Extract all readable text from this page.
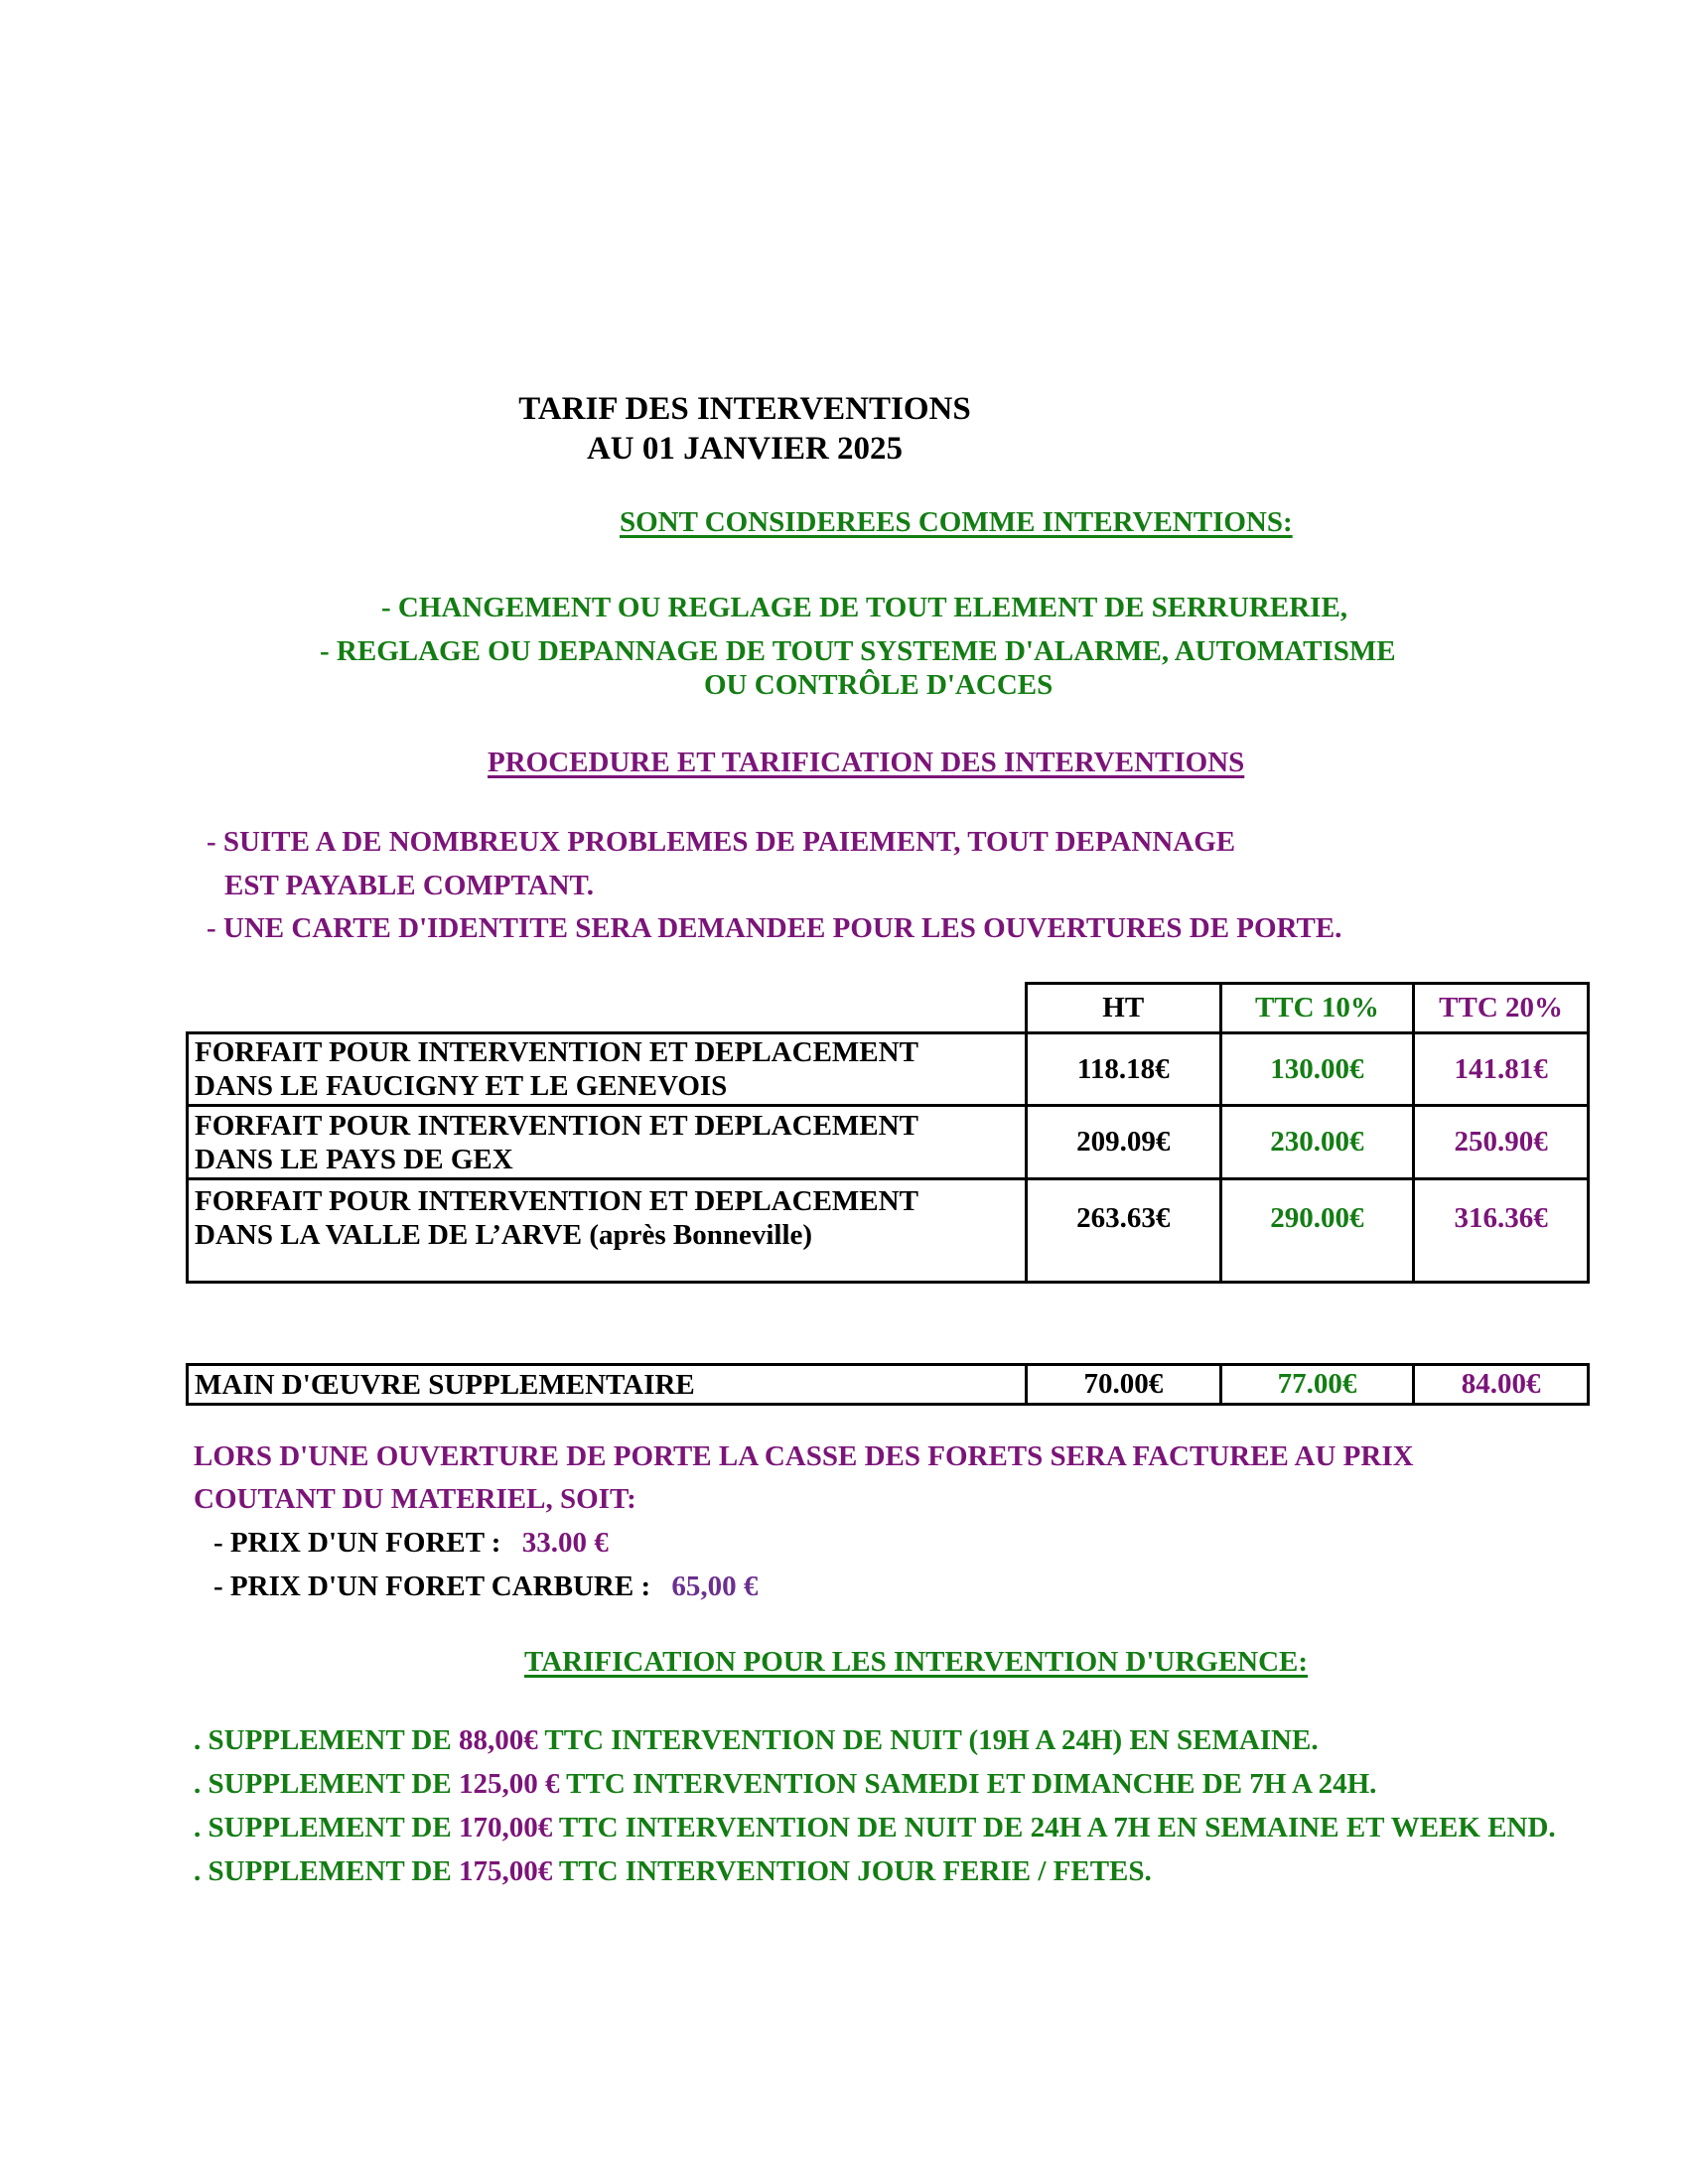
TARIF DES INTERVENTIONS
AU 01 JANVIER 2025
SONT CONSIDEREES COMME INTERVENTIONS:
- CHANGEMENT OU REGLAGE DE TOUT ELEMENT DE SERRURERIE,
- REGLAGE OU DEPANNAGE DE TOUT SYSTEME D'ALARME, AUTOMATISME
OU CONTRÔLE D'ACCES
PROCEDURE ET TARIFICATION DES INTERVENTIONS
- SUITE A DE NOMBREUX PROBLEMES DE PAIEMENT, TOUT DEPANNAGE
EST PAYABLE COMPTANT.
- UNE CARTE D'IDENTITE SERA DEMANDEE POUR LES OUVERTURES DE PORTE.
	HT	TTC 10%	TTC 20%

FORFAIT POUR INTERVENTION ET DEPLACEMENT
DANS LE FAUCIGNY ET LE GENEVOIS	118.18€	130.00€	141.81€

FORFAIT POUR INTERVENTION ET DEPLACEMENT
DANS LE PAYS DE GEX	209.09€	230.00€	250.90€

FORFAIT POUR INTERVENTION ET DEPLACEMENT
DANS LA VALLE DE L’ARVE (après Bonneville)	263.63€	290.00€	316.36€
MAIN D'ŒUVRE SUPPLEMENTAIRE	70.00€	77.00€	84.00€
LORS D'UNE OUVERTURE DE PORTE LA CASSE DES FORETS SERA FACTUREE AU PRIX
COUTANT DU MATERIEL, SOIT:
- PRIX D'UN FORET : 33.00 €
- PRIX D'UN FORET CARBURE : 65,00 €
TARIFICATION POUR LES INTERVENTION D'URGENCE:
. SUPPLEMENT DE 88,00€ TTC INTERVENTION DE NUIT (19H A 24H) EN SEMAINE.
. SUPPLEMENT DE 125,00 € TTC INTERVENTION SAMEDI ET DIMANCHE DE 7H A 24H.
. SUPPLEMENT DE 170,00€ TTC INTERVENTION DE NUIT DE 24H A 7H EN SEMAINE ET WEEK END.
. SUPPLEMENT DE 175,00€ TTC INTERVENTION JOUR FERIE / FETES.
